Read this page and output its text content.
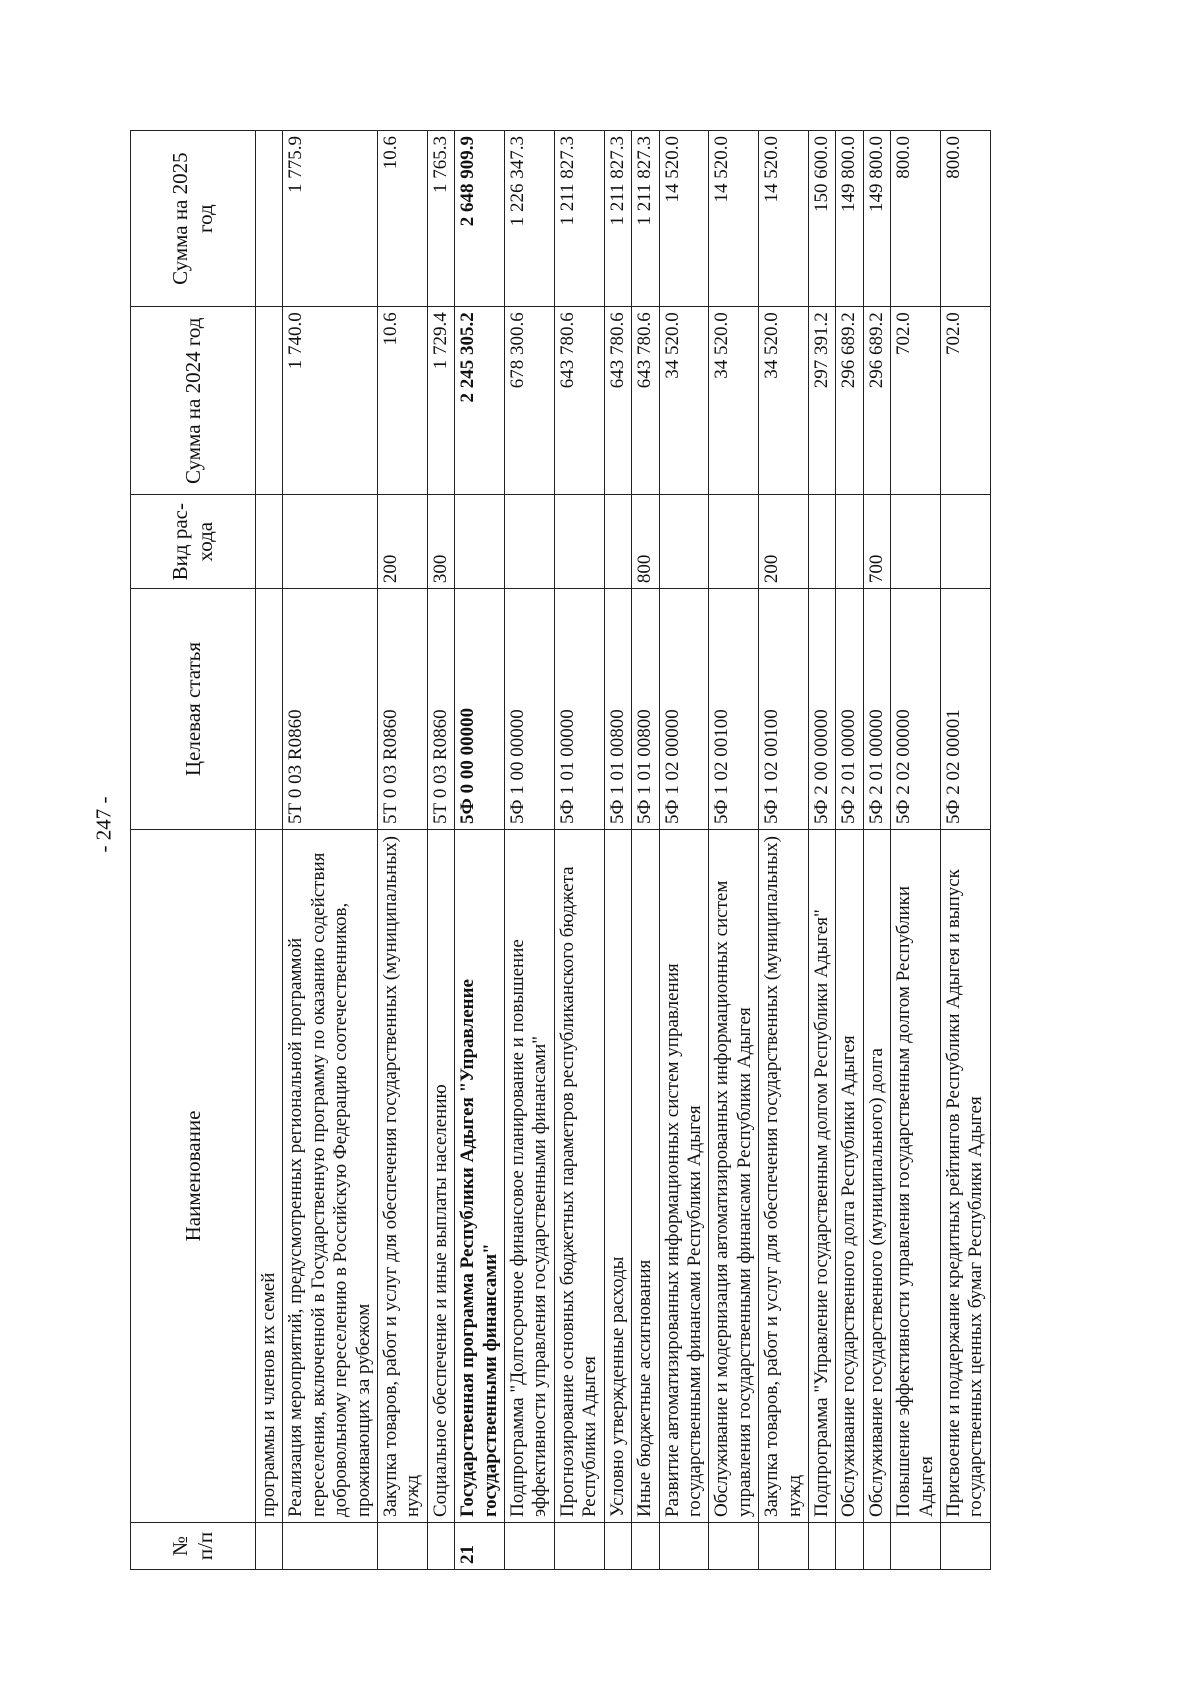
- 247 -
№ п/п	Наименование	Целевая статья	Вид рас- хода	Сумма на 2024 год	Сумма на 2025 год
	программы и членов их семей				
	Реализация мероприятий, предусмотренных региональной программой переселения, включенной в Государственную программу по оказанию содействия добровольному переселению в Российскую Федерацию соотечественников, проживающих за рубежом	5Т 0 03 R0860		1 740.0	1 775.9
	Закупка товаров, работ и услуг для обеспечения государственных (муниципальных) нужд	5Т 0 03 R0860	200	10.6	10.6
	Социальное обеспечение и иные выплаты населению	5Т 0 03 R0860	300	1 729.4	1 765.3
21	Государственная программа Республики Адыгея "Управление государственными финансами"	5Ф 0 00 00000		2 245 305.2	2 648 909.9
	Подпрограмма "Долгосрочное финансовое планирование и повышение эффективности управления государственными финансами"	5Ф 1 00 00000		678 300.6	1 226 347.3
	Прогнозирование основных бюджетных параметров республиканского бюджета Республики Адыгея	5Ф 1 01 00000		643 780.6	1 211 827.3
	Условно утвержденные расходы	5Ф 1 01 00800		643 780.6	1 211 827.3
	Иные бюджетные ассигнования	5Ф 1 01 00800	800	643 780.6	1 211 827.3
	Развитие автоматизированных информационных систем управления государственными финансами Республики Адыгея	5Ф 1 02 00000		34 520.0	14 520.0
	Обслуживание и модернизация автоматизированных информационных систем управления государственными финансами Республики Адыгея	5Ф 1 02 00100		34 520.0	14 520.0
	Закупка товаров, работ и услуг для обеспечения государственных (муниципальных) нужд	5Ф 1 02 00100	200	34 520.0	14 520.0
	Подпрограмма "Управление государственным долгом Республики Адыгея"	5Ф 2 00 00000		297 391.2	150 600.0
	Обслуживание государственного долга Республики Адыгея	5Ф 2 01 00000		296 689.2	149 800.0
	Обслуживание государственного (муниципального) долга	5Ф 2 01 00000	700	296 689.2	149 800.0
	Повышение эффективности управления государственным долгом Республики Адыгея	5Ф 2 02 00000		702.0	800.0
	Присвоение и поддержание кредитных рейтингов Республики Адыгея и выпуск государственных ценных бумаг Республики Адыгея	5Ф 2 02 00001		702.0	800.0
